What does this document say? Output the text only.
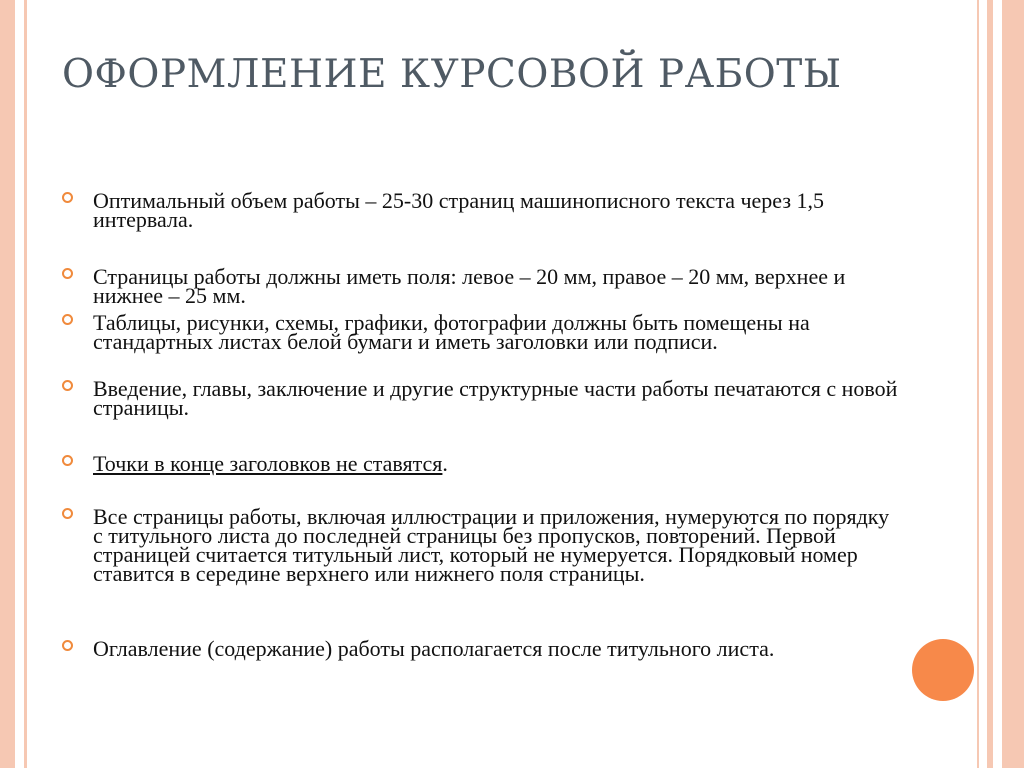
ОФОРМЛЕНИЕ КУРСОВОЙ РАБОТЫ
Оптимальный объем работы – 25-30 страниц машинописного текста через 1,5 интервала.
Страницы работы должны иметь поля: левое – 20 мм, правое – 20 мм, верхнее и нижнее – 25 мм.
Таблицы, рисунки, схемы, графики, фотографии должны быть помещены на стандартных листах белой бумаги и иметь заголовки или подписи.
Введение, главы, заключение и другие структурные части работы печатаются с новой страницы.
Точки в конце заголовков не ставятся.
Все страницы работы, включая иллюстрации и приложения, нумеруются по порядку с титульного листа до последней страницы без пропусков, повторений. Первой страницей считается титульный лист, который не нумеруется. Порядковый номер ставится в середине верхнего или нижнего поля страницы.
Оглавление (содержание) работы располагается после титульного листа.
